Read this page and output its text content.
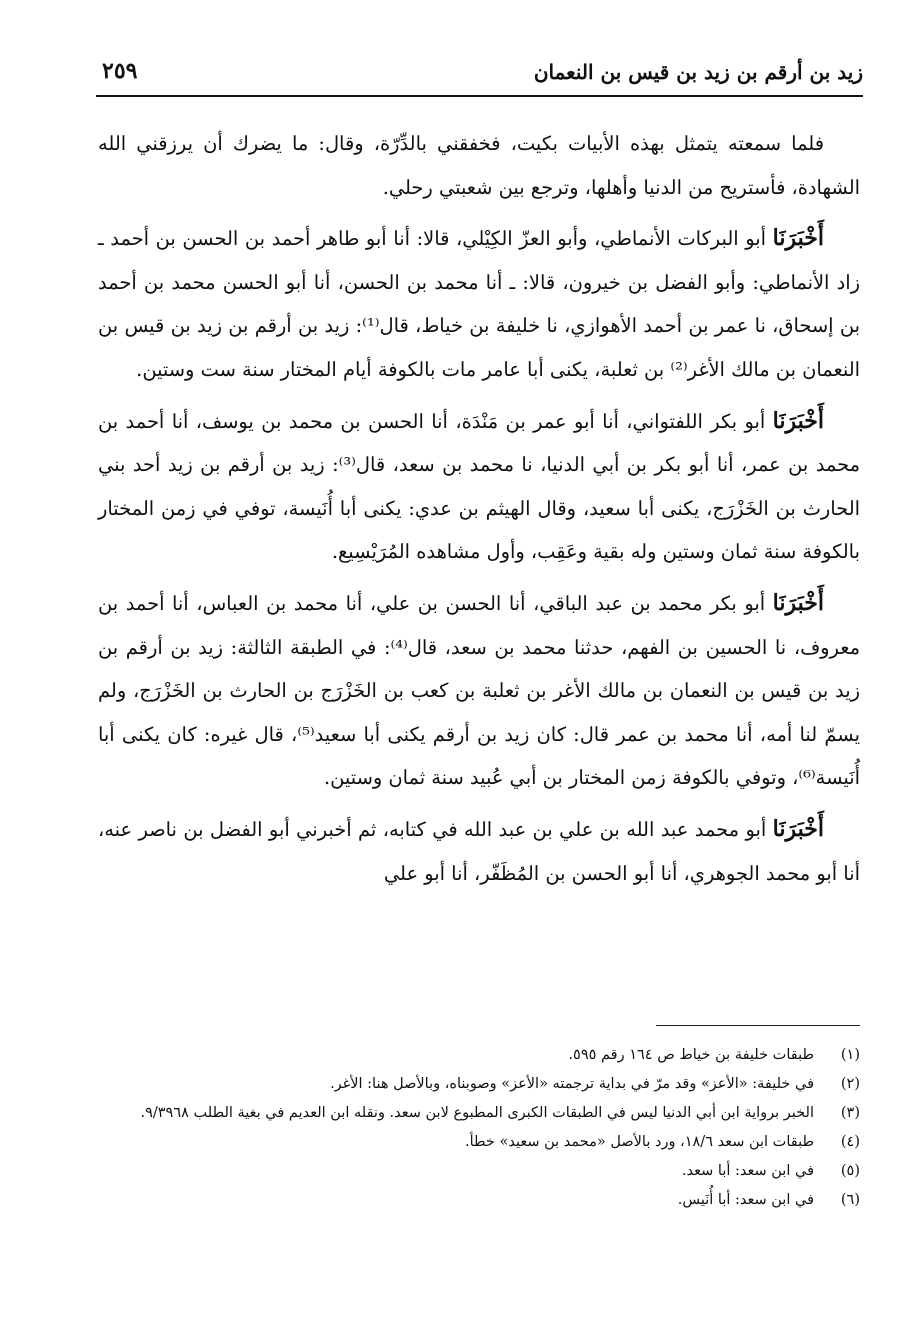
زيد بن أرقم بن زيد بن قيس بن النعمان
٢٥٩

فلما سمعته يتمثل بهذه الأبيات بكيت، فخفقني بالدِّرّة، وقال: ما يضرك أن يرزقني الله الشهادة، فأستريح من الدنيا وأهلها، وترجع بين شعبتي رحلي.

أَخْبَرَنَا أبو البركات الأنماطي، وأبو العزّ الكِيْلي، قالا: أنا أبو طاهر أحمد بن الحسن بن أحمد ـ زاد الأنماطي: وأبو الفضل بن خيرون، قالا: ـ أنا محمد بن الحسن، أنا أبو الحسن محمد بن أحمد بن إسحاق، نا عمر بن أحمد الأهوازي، نا خليفة بن خياط، قال⁽¹⁾: زيد بن أرقم بن زيد بن قيس بن النعمان بن مالك الأغر⁽²⁾ بن ثعلبة، يكنى أبا عامر مات بالكوفة أيام المختار سنة ست وستين.

أَخْبَرَنَا أبو بكر اللفتواني، أنا أبو عمر بن مَنْدَة، أنا الحسن بن محمد بن يوسف، أنا أحمد بن محمد بن عمر، أنا أبو بكر بن أبي الدنيا، نا محمد بن سعد، قال⁽³⁾: زيد بن أرقم بن زيد أحد بني الحارث بن الخَزْرَج، يكنى أبا سعيد، وقال الهيثم بن عدي: يكنى أبا أُنَيسة، توفي في زمن المختار بالكوفة سنة ثمان وستين وله بقية وعَقِب، وأول مشاهده المُرَيْسِيع.

أَخْبَرَنَا أبو بكر محمد بن عبد الباقي، أنا الحسن بن علي، أنا محمد بن العباس، أنا أحمد بن معروف، نا الحسين بن الفهم، حدثنا محمد بن سعد، قال⁽⁴⁾: في الطبقة الثالثة: زيد بن أرقم بن زيد بن قيس بن النعمان بن مالك الأغر بن ثعلبة بن كعب بن الخَزْرَج بن الحارث بن الخَزْرَج، ولم يسمّ لنا أمه، أنا محمد بن عمر قال: كان زيد بن أرقم يكنى أبا سعيد⁽⁵⁾، قال غيره: كان يكنى أبا أُنَيسة⁽⁶⁾، وتوفي بالكوفة زمن المختار بن أبي عُبيد سنة ثمان وستين.

أَخْبَرَنَا أبو محمد عبد الله بن علي بن عبد الله في كتابه، ثم أخبرني أبو الفضل بن ناصر عنه، أنا أبو محمد الجوهري، أنا أبو الحسن بن المُظَفّر، أنا أبو علي

(١)
طبقات خليفة بن خياط ص ١٦٤ رقم ٥٩٥.
(٢)
في خليفة: «الأعز» وقد مرّ في بداية ترجمته «الأعز» وصوبناه، وبالأصل هنا: الأغر.
(٣)
الخبر برواية ابن أبي الدنيا ليس في الطبقات الكبرى المطبوع لابن سعد. ونقله ابن العديم في بغية الطلب ٩/٣٩٦٨.
(٤)
طبقات ابن سعد ١٨/٦، ورد بالأصل «محمد بن سعيد» خطأ.
(٥)
في ابن سعد: أبا سعد.
(٦)
في ابن سعد: أبا أُنَيس.
